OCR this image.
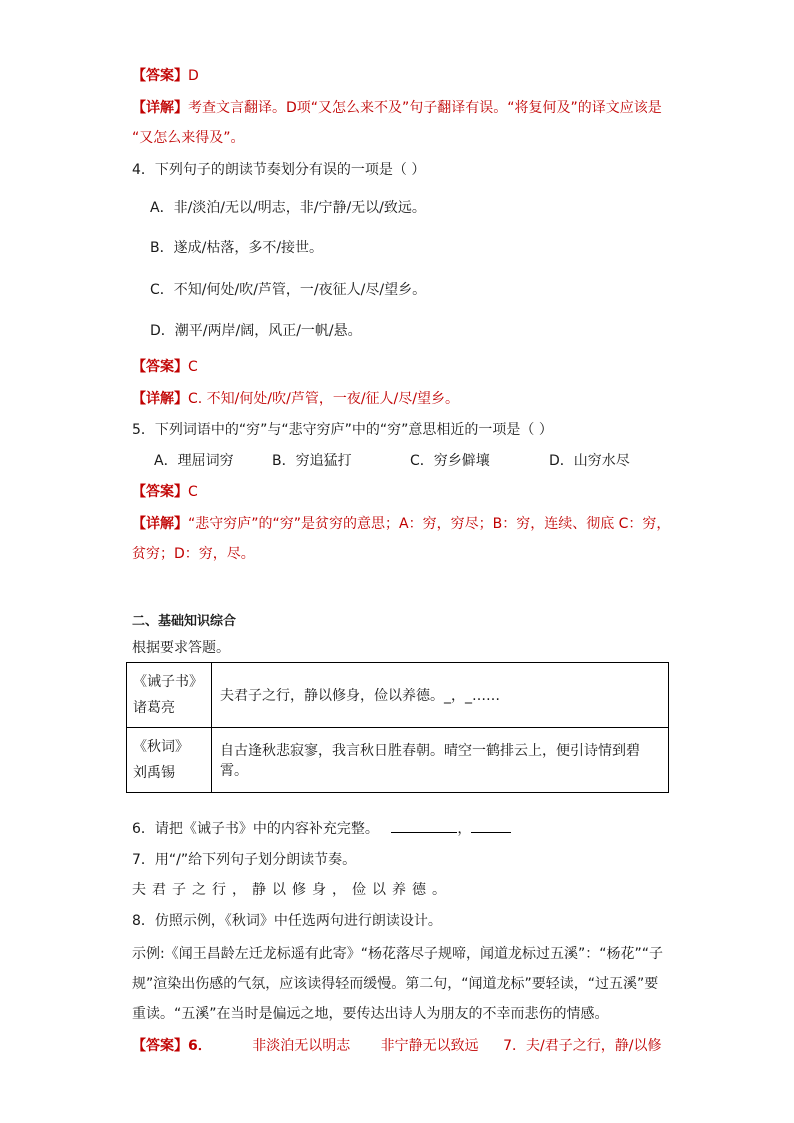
【答案】D
【详解】考查文言翻译。D项“又怎么来不及”句子翻译有误。“将复何及”的译文应该是
“又怎么来得及”。
4．下列句子的朗读节奏划分有误的一项是（ ）
A．非/淡泊/无以/明志，非/宁静/无以/致远。
B．遂成/枯落，多不/接世。
C．不知/何处/吹/芦管，一/夜征人/尽/望乡。
D．潮平/两岸/阔，风正/一帆/悬。
【答案】C
【详解】C. 不知/何处/吹/芦管，一夜/征人/尽/望乡。
5．下列词语中的“穷”与“悲守穷庐”中的“穷”意思相近的一项是（ ）
A．理屈词穷	B．穷追猛打	C．穷乡僻壤	D．山穷水尽
【答案】C
【详解】“悲守穷庐”的“穷”是贫穷的意思；A：穷，穷尽；B：穷，连续、彻底 C：穷，
贫穷；D：穷，尽。
二、基础知识综合
根据要求答题。
《诫子书》
诸葛亮	夫君子之行，静以修身，俭以养德。_，_……

《秋词》
刘禹锡	自古逢秋悲寂寥，我言秋日胜春朝。晴空一鹤排云上，便引诗情到碧霄。
6．请把《诫子书》中的内容补充完整。	，
7．用“/”给下列句子划分朗读节奏。
夫君子之行，静以修身，俭以养德。
8．仿照示例，《秋词》中任选两句进行朗读设计。
示例:《闻王昌龄左迁龙标遥有此寄》“杨花落尽子规啼，闻道龙标过五溪”：“杨花”“子
规”渲染出伤感的气氛，应该读得轻而缓慢。第二句，“闻道龙标”要轻读，“过五溪”要
重读。“五溪”在当时是偏远之地，要传达出诗人为朋友的不幸而悲伤的情感。
【答案】6．	非淡泊无以明志 非宁静无以致远 7．夫/君子之行，静/以修
